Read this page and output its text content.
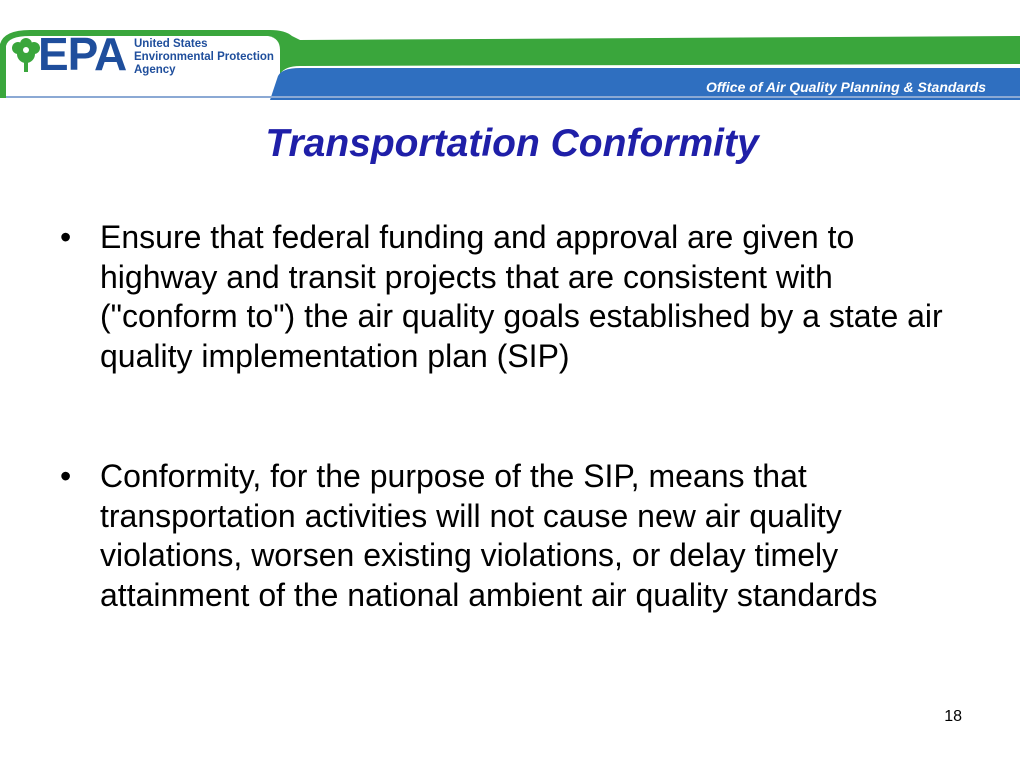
EPA United States
Environmental Protection
Agency
Office of Air Quality Planning & Standards
Transportation Conformity
• Ensure that federal funding and approval are given to highway and transit projects that are consistent with ("conform to") the air quality goals established by a state air quality implementation plan (SIP)
• Conformity, for the purpose of the SIP, means that transportation activities will not cause new air quality violations, worsen existing violations, or delay timely attainment of the national ambient air quality standards
18
